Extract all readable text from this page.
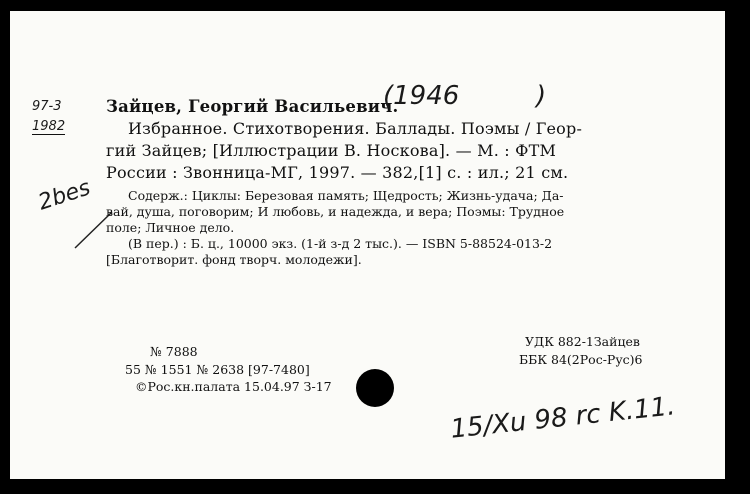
97-3
1982
Зайцев, Георгий Васильевич.
(1946	)
Избранное. Стихотворения. Баллады. Поэмы / Геор-
гий Зайцев; [Иллюстрации В. Носкова]. — М. : ФТМ
России : Звонница-МГ, 1997. — 382,[1] с. : ил.; 21 см.
2bes	Содерж.: Циклы: Березовая память; Щедрость; Жизнь-удача; Да-
вай, душа, поговорим; И любовь, и надежда, и вера; Поэмы: Трудное
поле; Личное дело.
(В пер.) : Б. ц., 10000 экз. (1-й з-д 2 тыс.). — ISBN 5-88524-013-2
[Благотворит. фонд творч. молодежи].
№ 7888
55 № 1551 № 2638 [97-7480]
©Рос.кн.палата 15.04.97 З-17
УДК 882-1Зайцев
ББК 84(2Рос-Рус)6
15/Xu 98 rc K.11.
